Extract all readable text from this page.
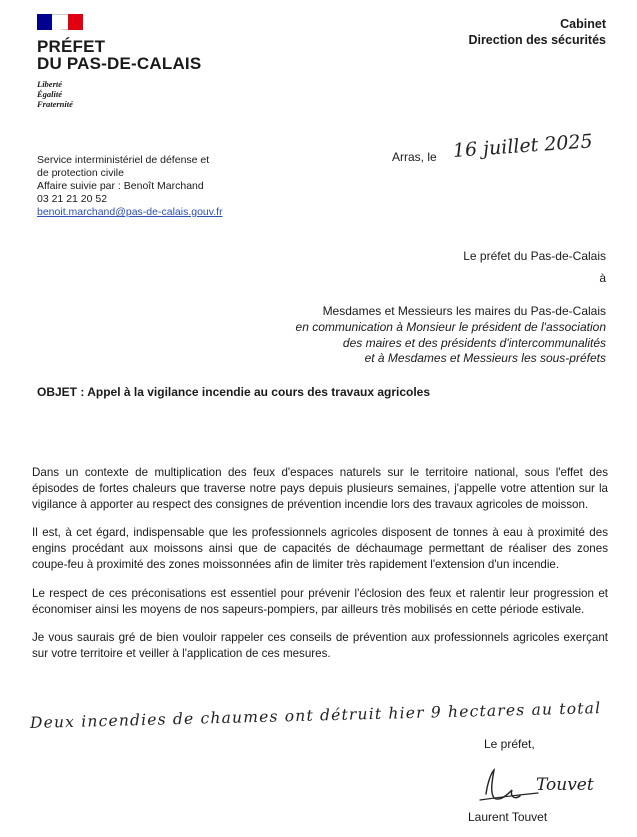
PRÉFET
DU PAS-DE-CALAIS
Liberté
Égalité
Fraternité
Cabinet
Direction des sécurités
Service interministériel de défense et
de protection civile
Affaire suivie par : Benoît Marchand
03 21 21 20 52
benoit.marchand@pas-de-calais.gouv.fr
Arras, le 16 juillet 2025
Le préfet du Pas-de-Calais
à
Mesdames et Messieurs les maires du Pas-de-Calais
en communication à Monsieur le président de l'association
des maires et des présidents d'intercommunalités
et à Mesdames et Messieurs les sous-préfets
OBJET : Appel à la vigilance incendie au cours des travaux agricoles

Dans un contexte de multiplication des feux d'espaces naturels sur le territoire national, sous l'effet des épisodes de fortes chaleurs que traverse notre pays depuis plusieurs semaines, j'appelle votre attention sur la vigilance à apporter au respect des consignes de prévention incendie lors des travaux agricoles de moisson.

Il est, à cet égard, indispensable que les professionnels agricoles disposent de tonnes à eau à proximité des engins procédant aux moissons ainsi que de capacités de déchaumage permettant de réaliser des zones coupe-feu à proximité des zones moissonnées afin de limiter très rapidement l'extension d'un incendie.

Le respect de ces préconisations est essentiel pour prévenir l'éclosion des feux et ralentir leur progression et économiser ainsi les moyens de nos sapeurs-pompiers, par ailleurs très mobilisés en cette période estivale.

Je vous saurais gré de bien vouloir rappeler ces conseils de prévention aux professionnels agricoles exerçant sur votre territoire et veiller à l'application de ces mesures.

Deux incendies de chaumes ont détruit hier 9 hectares au total
Le préfet,
Touvet
Laurent Touvet
